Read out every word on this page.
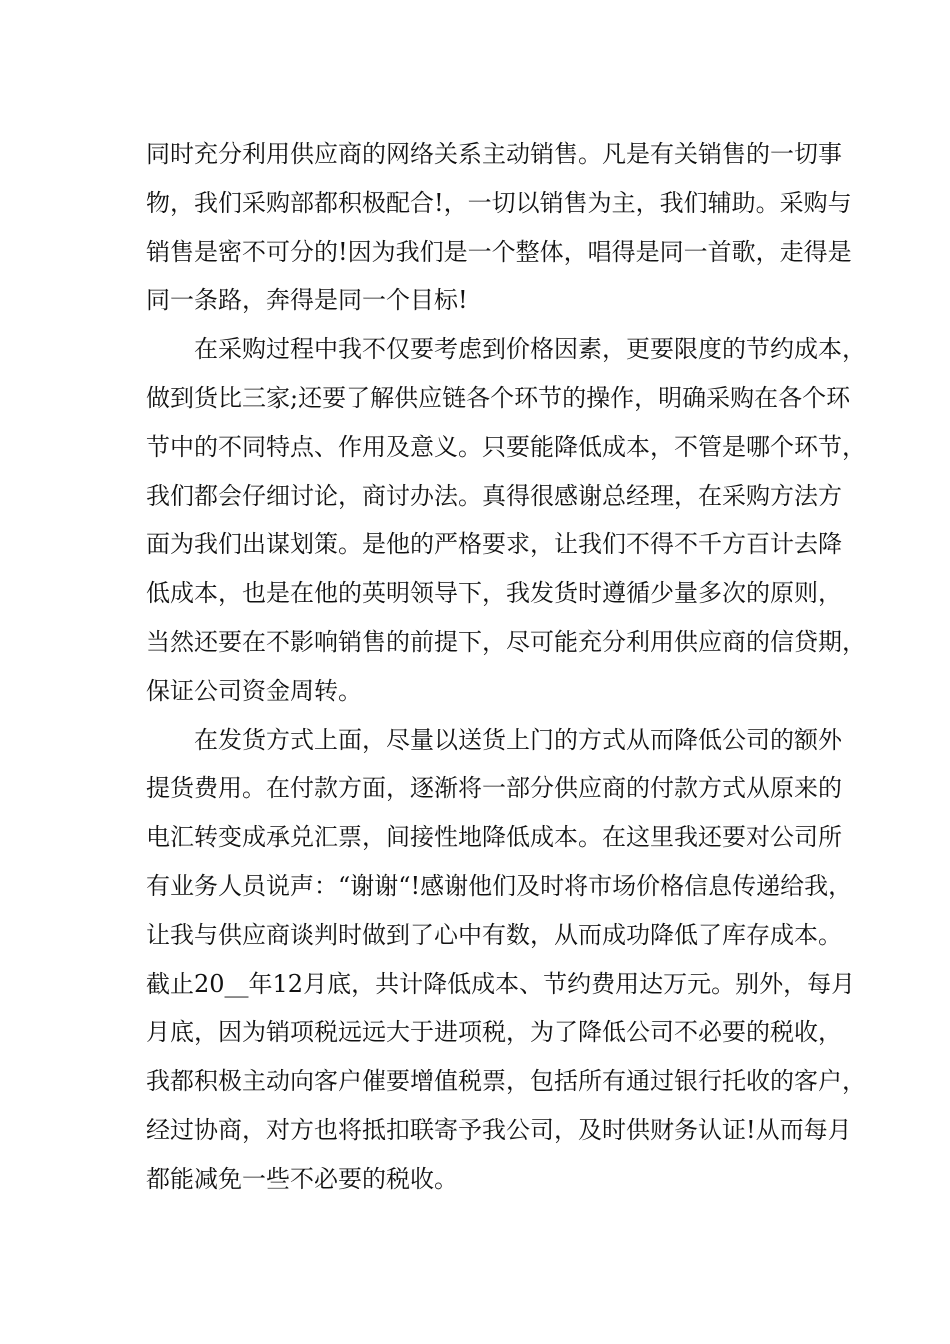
同时充分利用供应商的网络关系主动销售。凡是有关销售的一切事
物，我们采购部都积极配合!，一切以销售为主，我们辅助。采购与
销售是密不可分的!因为我们是一个整体，唱得是同一首歌，走得是
同一条路，奔得是同一个目标!
在采购过程中我不仅要考虑到价格因素，更要限度的节约成本，
做到货比三家;还要了解供应链各个环节的操作，明确采购在各个环
节中的不同特点、作用及意义。只要能降低成本，不管是哪个环节，
我们都会仔细讨论，商讨办法。真得很感谢总经理，在采购方法方
面为我们出谋划策。是他的严格要求，让我们不得不千方百计去降
低成本，也是在他的英明领导下，我发货时遵循少量多次的原则，
当然还要在不影响销售的前提下，尽可能充分利用供应商的信贷期，
保证公司资金周转。
在发货方式上面，尽量以送货上门的方式从而降低公司的额外
提货费用。在付款方面，逐渐将一部分供应商的付款方式从原来的
电汇转变成承兑汇票，间接性地降低成本。在这里我还要对公司所
有业务人员说声：“谢谢“!感谢他们及时将市场价格信息传递给我，
让我与供应商谈判时做到了心中有数，从而成功降低了库存成本。
截止20__年12月底，共计降低成本、节约费用达万元。别外，每月
月底，因为销项税远远大于进项税，为了降低公司不必要的税收，
我都积极主动向客户催要增值税票，包括所有通过银行托收的客户，
经过协商，对方也将抵扣联寄予我公司，及时供财务认证!从而每月
都能减免一些不必要的税收。
